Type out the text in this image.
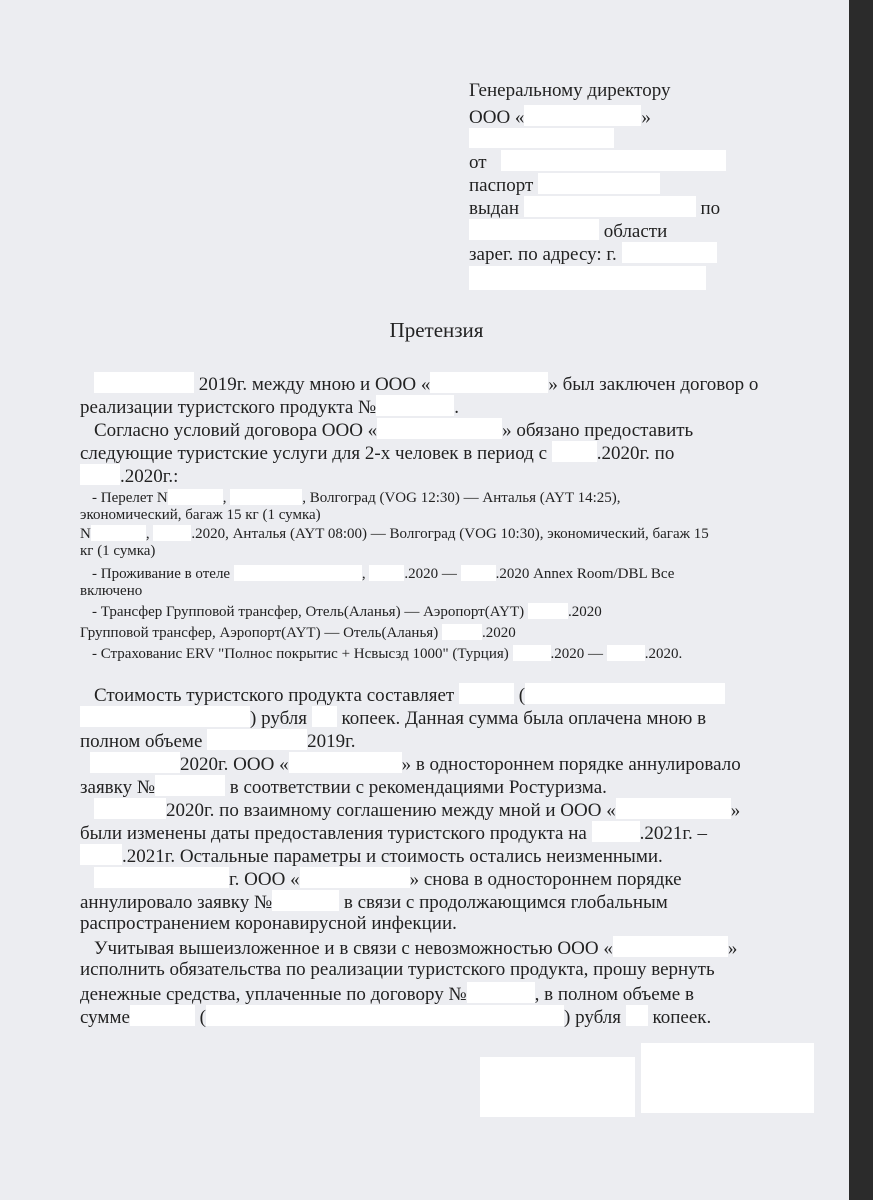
Генеральному директору
ООО «	»
от
паспорт
выдан	по
области
зарег. по адресу: г.
Претензия
2019г. между мною и ООО «	» был заключен договор о
реализации туристского продукта №	.
Согласно условий договора ООО «	» обязано предоставить
следующие туристские услуги для 2-х человек в период с	.2020г. по
.2020г.:
- Перелет N	,	, Волгоград (VOG 12:30) — Анталья (AYT 14:25),
экономический, багаж 15 кг (1 сумка)
N	,	.2020, Анталья (AYT 08:00) — Волгоград (VOG 10:30), экономический, багаж 15
кг (1 сумка)
- Проживание в отеле	,	.2020 —	.2020 Annex Room/DBL Все
включено
- Трансфер Групповой трансфер, Отель(Аланья) — Аэропорт(AYT)	.2020
Групповой трансфер, Аэропорт(AYT) — Отель(Аланья)	.2020
- Страхованис ERV "Полнос покрытис + Нсвысзд 1000" (Турция)	.2020 —	.2020.
Стоимость туристского продукта составляет	(
) рубля копеек. Данная сумма была оплачена мною в
полном объеме	2019г.
2020г. ООО «	» в одностороннем порядке аннулировало
заявку №	в соответствии с рекомендациями Ростуризма.
2020г. по взаимному соглашению между мной и ООО «	»
были изменены даты предоставления туристского продукта на	.2021г. –
.2021г. Остальные параметры и стоимость остались неизменными.
г. ООО «	» снова в одностороннем порядке
аннулировало заявку №	в связи с продолжающимся глобальным
распространением коронавирусной инфекции.
Учитывая вышеизложенное и в связи с невозможностью ООО «	»
исполнить обязательства по реализации туристского продукта, прошу вернуть
денежные средства, уплаченные по договору №	, в полном объеме в
сумме	(	) рубля копеек.
